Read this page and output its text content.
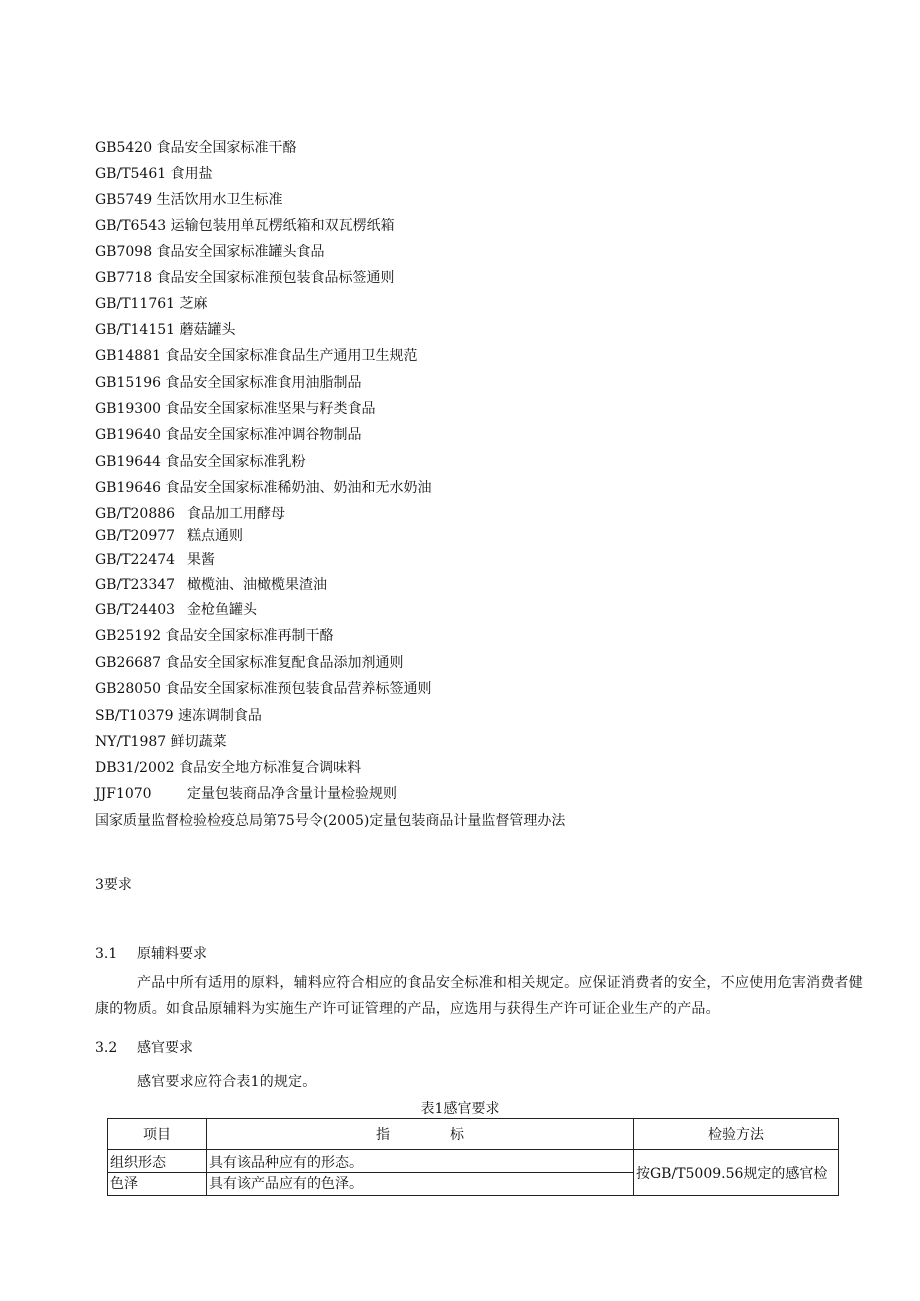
GB5420 食品安全国家标准干酪
GB/T5461 食用盐
GB5749 生活饮用水卫生标准
GB/T6543 运输包装用单瓦楞纸箱和双瓦楞纸箱
GB7098 食品安全国家标准罐头食品
GB7718 食品安全国家标准预包装食品标签通则
GB/T11761 芝麻
GB/T14151 蘑菇罐头
GB14881 食品安全国家标准食品生产通用卫生规范
GB15196 食品安全国家标准食用油脂制品
GB19300 食品安全国家标准坚果与籽类食品
GB19640 食品安全国家标准冲调谷物制品
GB19644 食品安全国家标准乳粉
GB19646 食品安全国家标准稀奶油、奶油和无水奶油
GB/T20886 食品加工用酵母
GB/T20977 糕点通则
GB/T22474 果酱
GB/T23347 橄榄油、油橄榄果渣油
GB/T24403 金枪鱼罐头
GB25192 食品安全国家标准再制干酪
GB26687 食品安全国家标准复配食品添加剂通则
GB28050 食品安全国家标准预包装食品营养标签通则
SB/T10379 速冻调制食品
NY/T1987 鲜切蔬菜
DB31/2002 食品安全地方标准复合调味料
JJF1070	定量包装商品净含量计量检验规则
国家质量监督检验检疫总局第75号令(2005)定量包装商品计量监督管理办法
3要求
3.1 原辅料要求
产品中所有适用的原料，辅料应符合相应的食品安全标准和相关规定。应保证消费者的安全，不应使用危害消费者健康的物质。如食品原辅料为实施生产许可证管理的产品，应选用与获得生产许可证企业生产的产品。
3.2 感官要求
感官要求应符合表1的规定。
表1感官要求
项目	指 标	检验方法
组织形态	具有该品种应有的形态。	按GB/T5009.56规定的感官检
色泽	具有该产品应有的色泽。	
